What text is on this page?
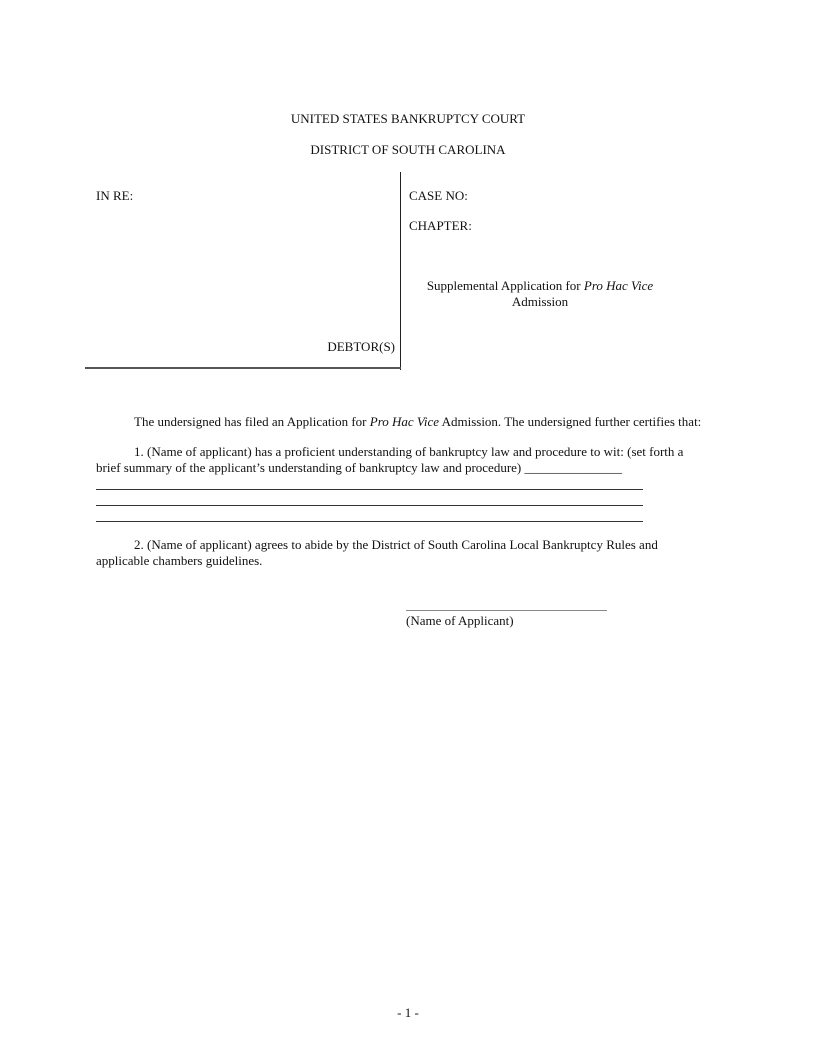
UNITED STATES BANKRUPTCY COURT
DISTRICT OF SOUTH CAROLINA
IN RE:	CASE NO:
CHAPTER:
Supplemental Application for Pro Hac Vice
Admission
DEBTOR(S)
The undersigned has filed an Application for Pro Hac Vice Admission. The undersigned further certifies that:
1. (Name of applicant) has a proficient understanding of bankruptcy law and procedure to wit: (set forth a
brief summary of the applicant’s understanding of bankruptcy law and procedure) _______________
2. (Name of applicant) agrees to abide by the District of South Carolina Local Bankruptcy Rules and
applicable chambers guidelines.
(Name of Applicant)
- 1 -
